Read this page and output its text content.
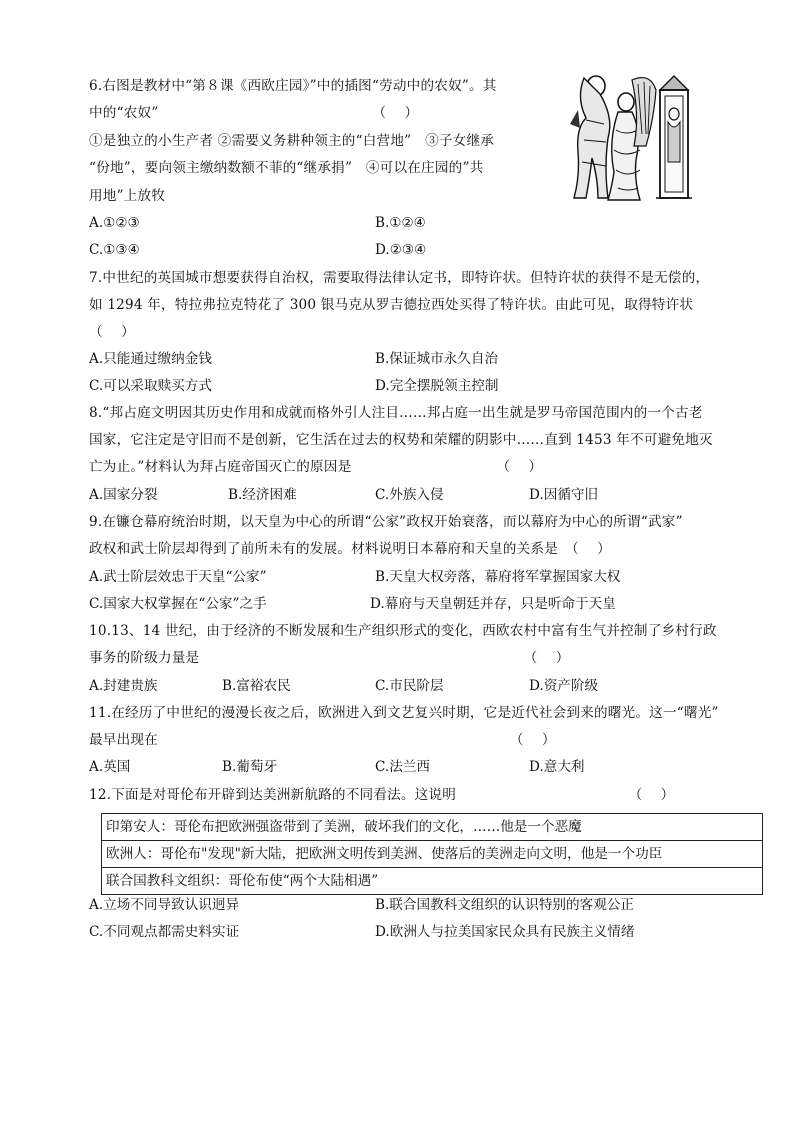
6.右图是教材中“第８课《西欧庄园》”中的插图“劳动中的农奴”。其
中的“农奴”　　　　　　　　　　　　　　　　（　 ）
①是独立的小生产者 ②需要义务耕种领主的“白营地”　③子女继承
“份地”，要向领主缴纳数额不菲的“继承捐”　④可以在庄园的”共
用地”上放牧
A.①②③	B.①②④
C.①③④	D.②③④
7.中世纪的英国城市想要获得自治权，需要取得法律认定书，即特许状。但特许状的获得不是无偿的，
如 1294 年，特拉弗拉克特花了 300 银马克从罗吉德拉西处买得了特许状。由此可见，取得特许状
（　 ）
A.只能通过缴纳金钱	B.保证城市永久自治
C.可以采取赎买方式	D.完全摆脱领主控制
8.“邦占庭文明因其历史作用和成就而格外引人注目……邦占庭一出生就是罗马帝国范围内的一个古老
国家，它注定是守旧而不是创新，它生活在过去的权势和荣耀的阴影中……直到 1453 年不可避免地灭
亡为止。”材料认为拜占庭帝国灭亡的原因是　　　　　　　　　　　（　 ）
A.国家分裂	B.经济困难	C.外族入侵	D.因循守旧
9.在镰仓幕府统治时期，以天皇为中心的所谓“公家”政权开始衰落，而以幕府为中心的所谓“武家”
政权和武士阶层却得到了前所未有的发展。材料说明日本幕府和天皇的关系是　（　 ）
A.武士阶层效忠于天皇“公家”	B.天皇大权旁落，幕府将军掌握国家大权
C.国家大权掌握在“公家”之手	D.幕府与天皇朝廷并存，只是听命于天皇
10.13、14 世纪，由于经济的不断发展和生产组织形式的变化，西欧农村中富有生气并控制了乡村行政
事务的阶级力量是　　　　　　　　　　　　　　　　　　　　　　　　（　 ）
A.封建贵族	B.富裕农民	C.市民阶层	D.资产阶级
11.在经历了中世纪的漫漫长夜之后，欧洲进入到文艺复兴时期，它是近代社会到来的曙光。这一“曙光”
最早出现在　　　　　　　　　　　　　　　　　　　　　　　　　　（　 ）
A.英国	B.葡萄牙	C.法兰西	D.意大利
12.下面是对哥伦布开辟到达美洲新航路的不同看法。这说明　　　　　　　　　　　　　（　 ）
印第安人：哥伦布把欧洲强盗带到了美洲，破坏我们的文化，……他是一个恶魔
欧洲人：哥伦布"发现"新大陆，把欧洲文明传到美洲、使落后的美洲走向文明，他是一个功臣
联合国教科文组织：哥伦布使“两个大陆相遇”
A.立场不同导致认识迥异	B.联合国教科文组织的认识特别的客观公正
C.不同观点都需史料实证	D.欧洲人与拉美国家民众具有民族主义情绪
